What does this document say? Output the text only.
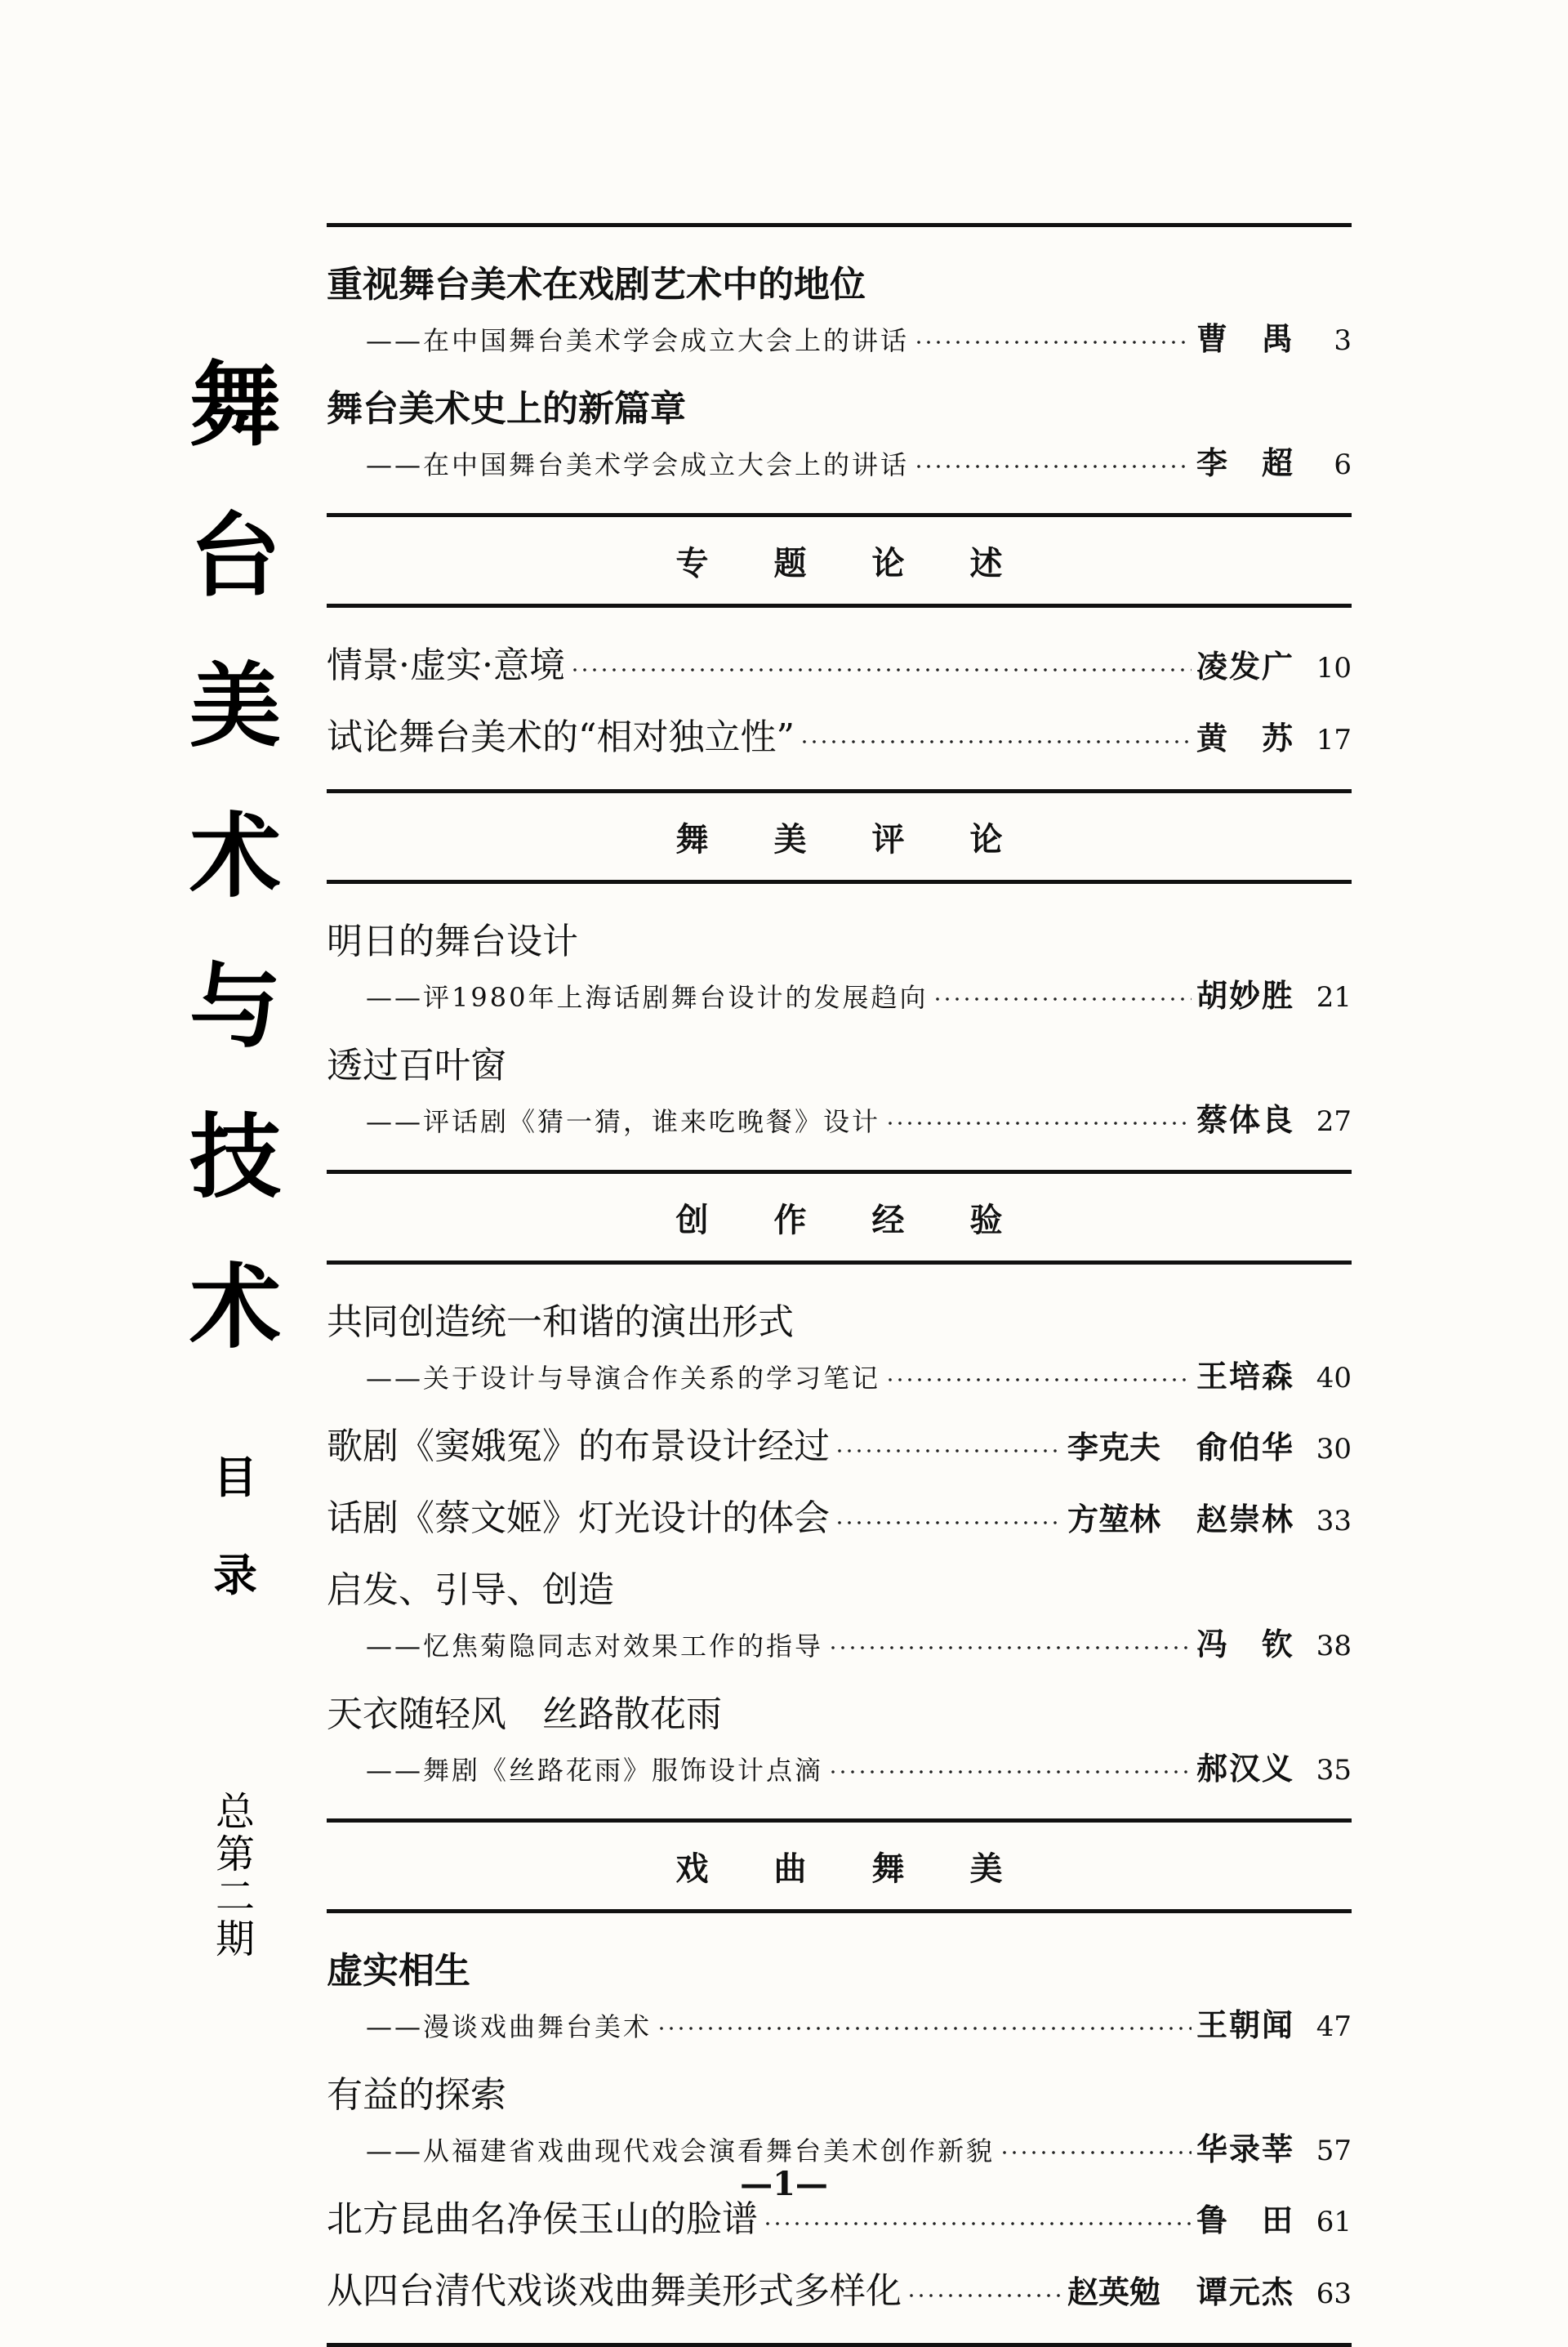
舞
台
美
术
与
技
术
目
录
总
第
二
期
重视舞台美术在戏剧艺术中的地位
——在中国舞台美术学会成立大会上的讲话	曹　禺	3
舞台美术史上的新篇章
——在中国舞台美术学会成立大会上的讲话	李　超	6
专题论述
情景·虚实·意境	凌发广 10
试论舞台美术的“相对独立性”	黄　苏 17
舞美评论
明日的舞台设计
——评1980年上海话剧舞台设计的发展趋向	胡妙胜 21
透过百叶窗
——评话剧《猜一猜，谁来吃晚餐》设计	蔡体良 27
创作经验
共同创造统一和谐的演出形式
——关于设计与导演合作关系的学习笔记	王培森 40
歌剧《窦娥冤》的布景设计经过	李克夫 俞伯华 30
话剧《蔡文姬》灯光设计的体会	方堃林 赵崇林 33
启发、引导、创造
——忆焦菊隐同志对效果工作的指导	冯　钦 38
天衣随轻风　丝路散花雨
——舞剧《丝路花雨》服饰设计点滴	郝汉义 35
戏曲舞美
虚实相生
——漫谈戏曲舞台美术	王朝闻 47
有益的探索
——从福建省戏曲现代戏会演看舞台美术创作新貌	华录莘 57
北方昆曲名净侯玉山的脸谱	鲁　田 61
从四台清代戏谈戏曲舞美形式多样化	赵英勉 谭元杰 63
—1—
